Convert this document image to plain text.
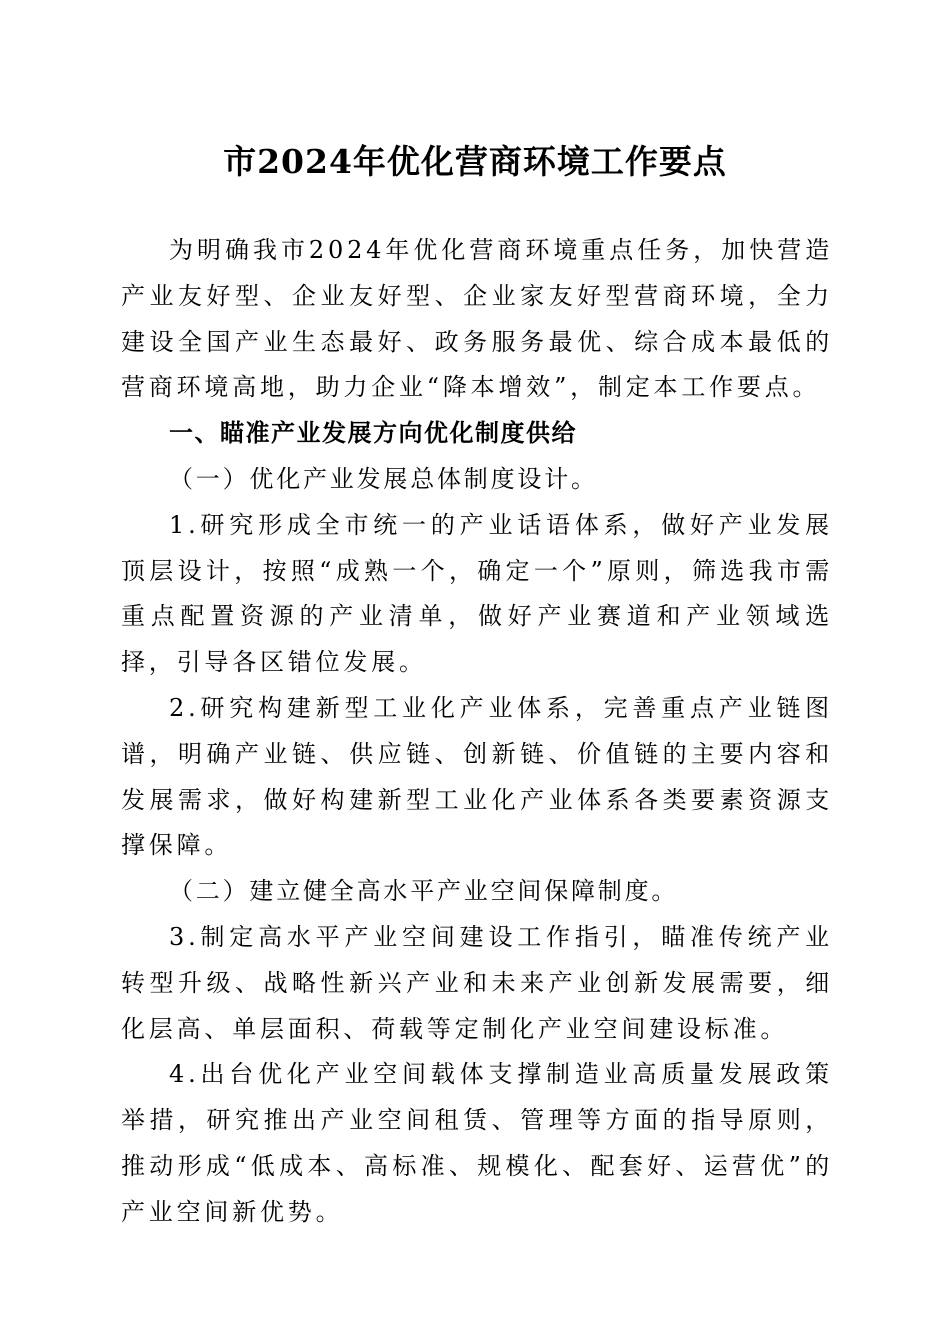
市2024年优化营商环境工作要点

为明确我市2024年优化营商环境重点任务，加快营造产业友好型、企业友好型、企业家友好型营商环境，全力建设全国产业生态最好、政务服务最优、综合成本最低的营商环境高地，助力企业“降本增效”，制定本工作要点。

一、瞄准产业发展方向优化制度供给

（一）优化产业发展总体制度设计。

1.研究形成全市统一的产业话语体系，做好产业发展顶层设计，按照“成熟一个，确定一个”原则，筛选我市需重点配置资源的产业清单，做好产业赛道和产业领域选择，引导各区错位发展。

2.研究构建新型工业化产业体系，完善重点产业链图谱，明确产业链、供应链、创新链、价值链的主要内容和发展需求，做好构建新型工业化产业体系各类要素资源支撑保障。

（二）建立健全高水平产业空间保障制度。

3.制定高水平产业空间建设工作指引，瞄准传统产业转型升级、战略性新兴产业和未来产业创新发展需要，细化层高、单层面积、荷载等定制化产业空间建设标准。

4.出台优化产业空间载体支撑制造业高质量发展政策举措，研究推出产业空间租赁、管理等方面的指导原则，推动形成“低成本、高标准、规模化、配套好、运营优”的产业空间新优势。
